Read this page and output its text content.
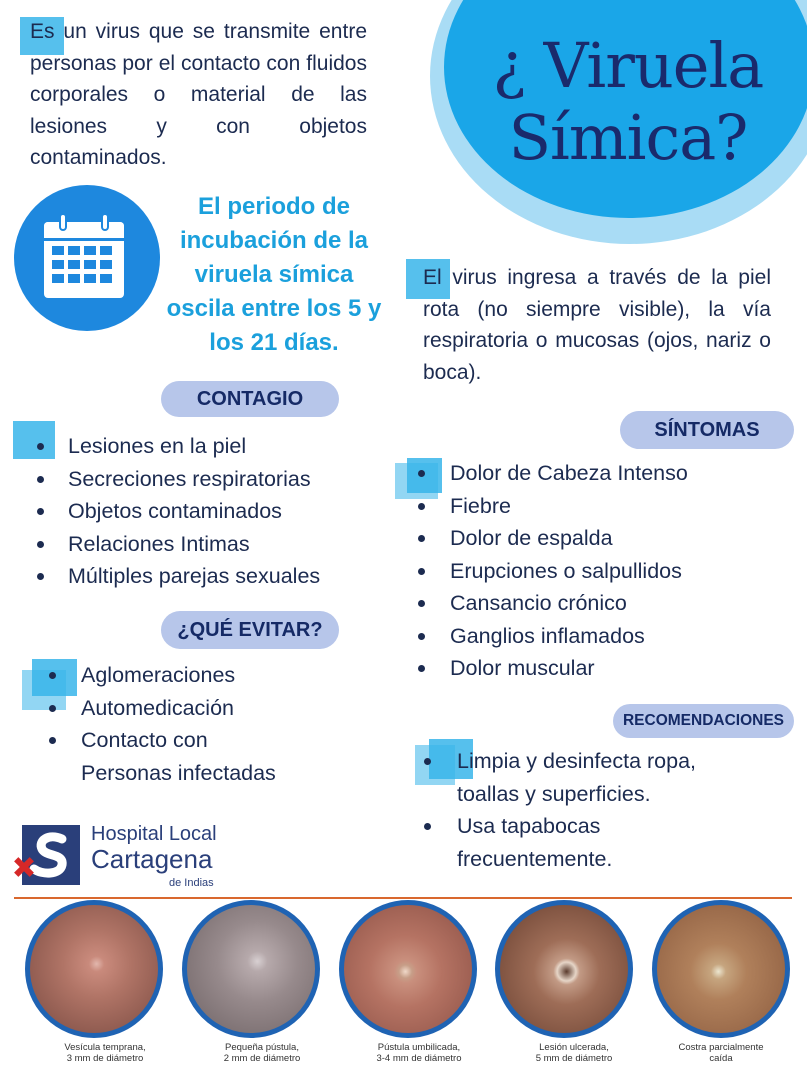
¿ Viruela
Símica?
Es un virus que se transmite entre personas por el contacto con fluidos corporales o material de las lesiones y con objetos contaminados.
El periodo de incubación de la viruela símica oscila entre los 5 y los 21 días.
El virus ingresa a través de la piel rota (no siempre visible), la vía respiratoria o mucosas (ojos, nariz o boca).
CONTAGIO
Lesiones en la piel
Secreciones respiratorias
Objetos contaminados
Relaciones Intimas
Múltiples parejas sexuales
¿QUÉ EVITAR?
Aglomeraciones
Automedicación
Contacto con
Personas infectadas
SÍNTOMAS
Dolor de Cabeza Intenso
Fiebre
Dolor de espalda
Erupciones o salpullidos
Cansancio crónico
Ganglios inflamados
Dolor muscular
RECOMENDACIONES
Limpia y desinfecta ropa,
toallas y superficies.
Usa tapabocas
frecuentemente.
Hospital Local
Cartagena
de Indias
Vesícula temprana,
3 mm de diámetro
Pequeña pústula,
2 mm de diámetro
Pústula umbilicada,
3-4 mm de diámetro
Lesión ulcerada,
5 mm de diámetro
Costra parcialmente
caída
